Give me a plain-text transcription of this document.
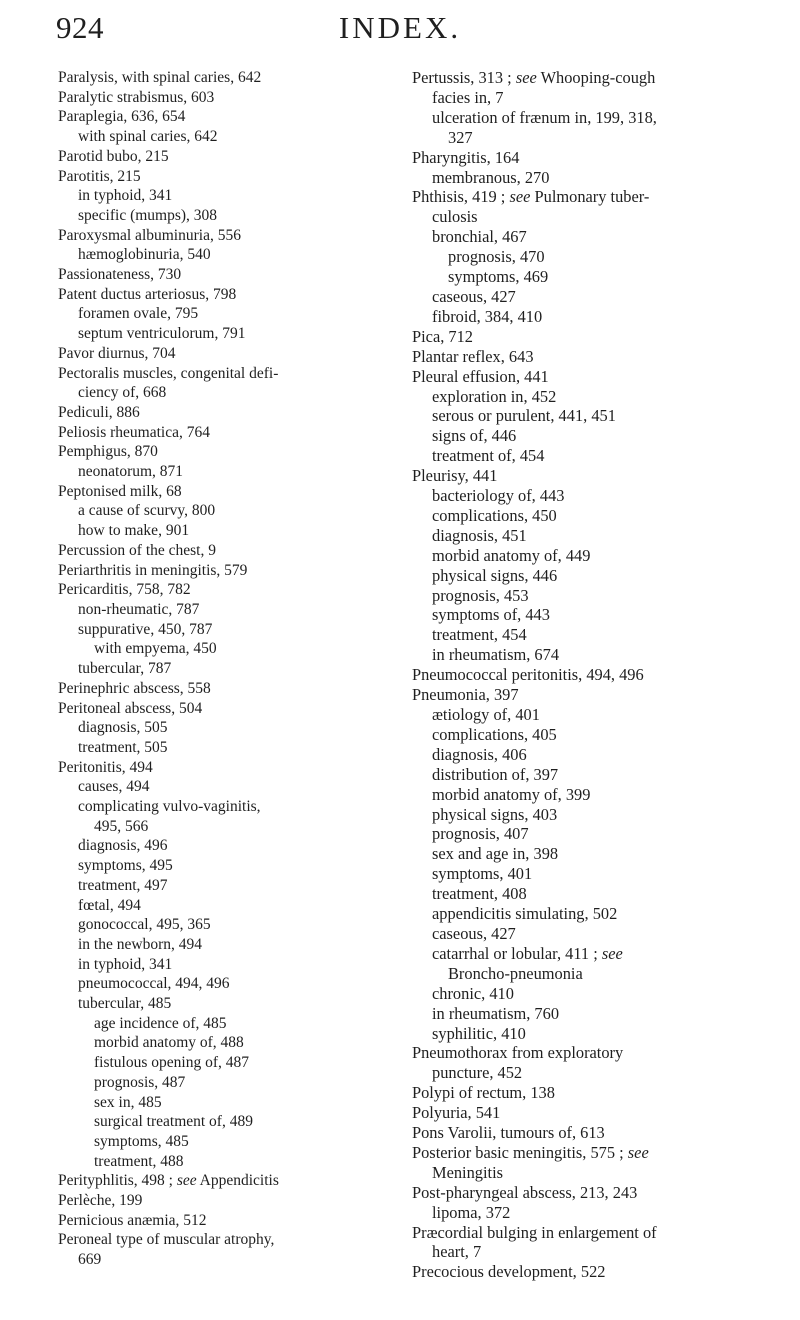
924	INDEX.
Paralysis, with spinal caries, 642
Paralytic strabismus, 603
Paraplegia, 636, 654
with spinal caries, 642
Parotid bubo, 215
Parotitis, 215
in typhoid, 341
specific (mumps), 308
Paroxysmal albuminuria, 556
hæmoglobinuria, 540
Passionateness, 730
Patent ductus arteriosus, 798
foramen ovale, 795
septum ventriculorum, 791
Pavor diurnus, 704
Pectoralis muscles, congenital defi-
ciency of, 668
Pediculi, 886
Peliosis rheumatica, 764
Pemphigus, 870
neonatorum, 871
Peptonised milk, 68
a cause of scurvy, 800
how to make, 901
Percussion of the chest, 9
Periarthritis in meningitis, 579
Pericarditis, 758, 782
non-rheumatic, 787
suppurative, 450, 787
with empyema, 450
tubercular, 787
Perinephric abscess, 558
Peritoneal abscess, 504
diagnosis, 505
treatment, 505
Peritonitis, 494
causes, 494
complicating vulvo-vaginitis,
495, 566
diagnosis, 496
symptoms, 495
treatment, 497
fœtal, 494
gonococcal, 495, 365
in the newborn, 494
in typhoid, 341
pneumococcal, 494, 496
tubercular, 485
age incidence of, 485
morbid anatomy of, 488
fistulous opening of, 487
prognosis, 487
sex in, 485
surgical treatment of, 489
symptoms, 485
treatment, 488
Perityphlitis, 498 ; see Appendicitis
Perlèche, 199
Pernicious anæmia, 512
Peroneal type of muscular atrophy,
669
Pertussis, 313 ; see Whooping-cough
facies in, 7
ulceration of frænum in, 199, 318,
327
Pharyngitis, 164
membranous, 270
Phthisis, 419 ; see Pulmonary tuber-
culosis
bronchial, 467
prognosis, 470
symptoms, 469
caseous, 427
fibroid, 384, 410
Pica, 712
Plantar reflex, 643
Pleural effusion, 441
exploration in, 452
serous or purulent, 441, 451
signs of, 446
treatment of, 454
Pleurisy, 441
bacteriology of, 443
complications, 450
diagnosis, 451
morbid anatomy of, 449
physical signs, 446
prognosis, 453
symptoms of, 443
treatment, 454
in rheumatism, 674
Pneumococcal peritonitis, 494, 496
Pneumonia, 397
ætiology of, 401
complications, 405
diagnosis, 406
distribution of, 397
morbid anatomy of, 399
physical signs, 403
prognosis, 407
sex and age in, 398
symptoms, 401
treatment, 408
appendicitis simulating, 502
caseous, 427
catarrhal or lobular, 411 ; see
Broncho-pneumonia
chronic, 410
in rheumatism, 760
syphilitic, 410
Pneumothorax from exploratory
puncture, 452
Polypi of rectum, 138
Polyuria, 541
Pons Varolii, tumours of, 613
Posterior basic meningitis, 575 ; see
Meningitis
Post-pharyngeal abscess, 213, 243
lipoma, 372
Præcordial bulging in enlargement of
heart, 7
Precocious development, 522
